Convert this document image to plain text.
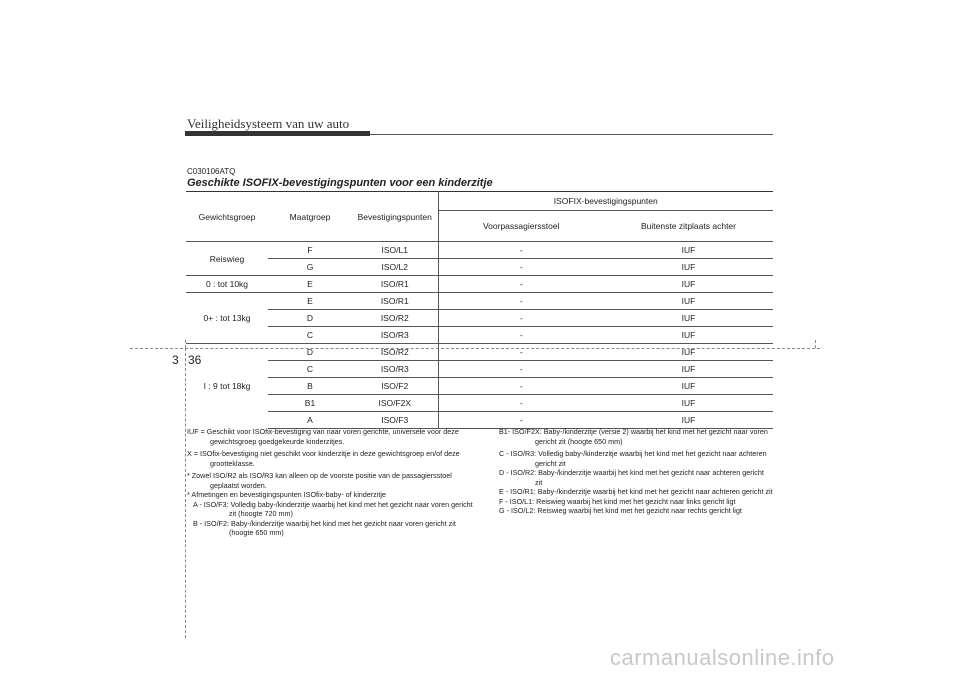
Veiligheidsysteem van uw auto
C030106ATQ
Geschikte ISOFIX-bevestigingspunten voor een kinderzitje
Gewichtsgroep	Maatgroep	Bevestigingspunten	ISOFIX-bevestigingspunten	
			Voorpassagiersstoel	Buitenste zitplaats achter
Reiswieg	F	ISO/L1	-	IUF
	G	ISO/L2	-	IUF
0 : tot 10kg	E	ISO/R1	-	IUF
0+ : tot 13kg	E	ISO/R1	-	IUF
	D	ISO/R2	-	IUF
	C	ISO/R3	-	IUF
I : 9 tot 18kg	D	ISO/R2	-	IUF
	C	ISO/R3	-	IUF
	B	ISO/F2	-	IUF
	B1	ISO/F2X	-	IUF
	A	ISO/F3	-	IUF
IUF = Geschikt voor ISOfix-bevestiging van naar voren gerichte, universele voor deze gewichtsgroep goedgekeurde kinderzitjes.
X = ISOfix-bevestiging niet geschikt voor kinderzitje in deze gewichtsgroep en/of deze grootteklasse.
* Zowel ISO/R2 als ISO/R3 kan alleen op de voorste positie van de passagiersstoel geplaatst worden.
* Afmetingen en bevestigingspunten ISOfix-baby- of kinderzitje
A - ISO/F3: Volledig baby-/kinderzitje waarbij het kind met het gezicht naar voren gericht zit (hoogte 720 mm)
B - ISO/F2: Baby-/kinderzitje waarbij het kind met het gezicht naar voren gericht zit (hoogte 650 mm)
B1- ISO/F2X: Baby-/kinderzitje (versie 2) waarbij het kind met het gezicht naar voren gericht zit (hoogte 650 mm)
C - ISO/R3: Volledig baby-/kinderzitje waarbij het kind met het gezicht naar achteren gericht zit
D - ISO/R2: Baby-/kinderzitje waarbij het kind met het gezicht naar achteren gericht zit
E - ISO/R1: Baby-/kinderzitje waarbij het kind met het gezicht naar achteren gericht zit
F - ISO/L1: Reiswieg waarbij het kind met het gezicht naar links gericht ligt
G - ISO/L2: Reiswieg waarbij het kind met het gezicht naar rechts gericht ligt
3 36
carmanualsonline.info
